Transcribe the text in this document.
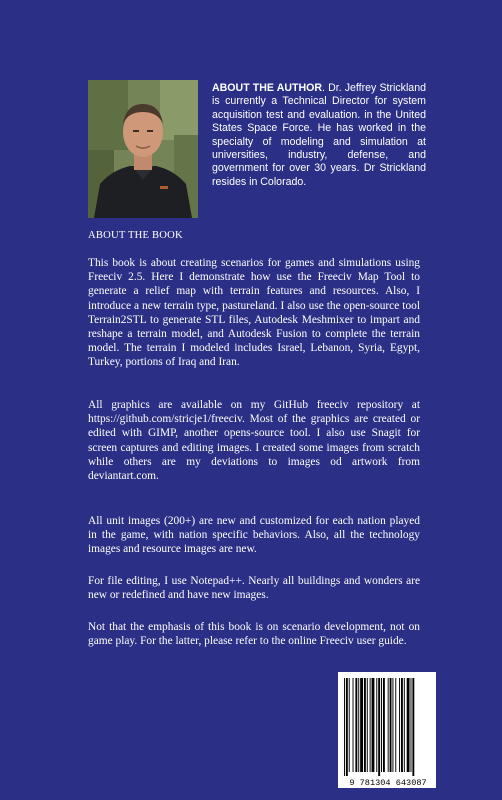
ABOUT THE AUTHOR. Dr. Jeffrey Strickland is currently a Technical Director for system acquisition test and evaluation. in the United States Space Force. He has worked in the specialty of modeling and simulation at universities, industry, defense, and government for over 30 years. Dr Strickland resides in Colorado.

ABOUT THE BOOK

This book is about creating scenarios for games and simulations using Freeciv 2.5. Here I demonstrate how use the Freeciv Map Tool to generate a relief map with terrain features and resources. Also, I introduce a new terrain type, pastureland. I also use the open-source tool Terrain2STL to generate STL files, Autodesk Meshmixer to impart and reshape a terrain model, and Autodesk Fusion to complete the terrain model. The terrain I modeled includes Israel, Lebanon, Syria, Egypt, Turkey, portions of Iraq and Iran.

All graphics are available on my GitHub freeciv repository at https://github.com/stricje1/freeciv. Most of the graphics are created or edited with GIMP, another opens-source tool. I also use Snagit for screen captures and editing images. I created some images from scratch while others are my deviations to images od artwork from deviantart.com.

All unit images (200+) are new and customized for each nation played in the game, with nation specific behaviors. Also, all the technology images and resource images are new.

For file editing, I use Notepad++. Nearly all buildings and wonders are new or redefined and have new images.

Not that the emphasis of this book is on scenario development, not on game play. For the latter, please refer to the online Freeciv user guide.

9 781304 643087
